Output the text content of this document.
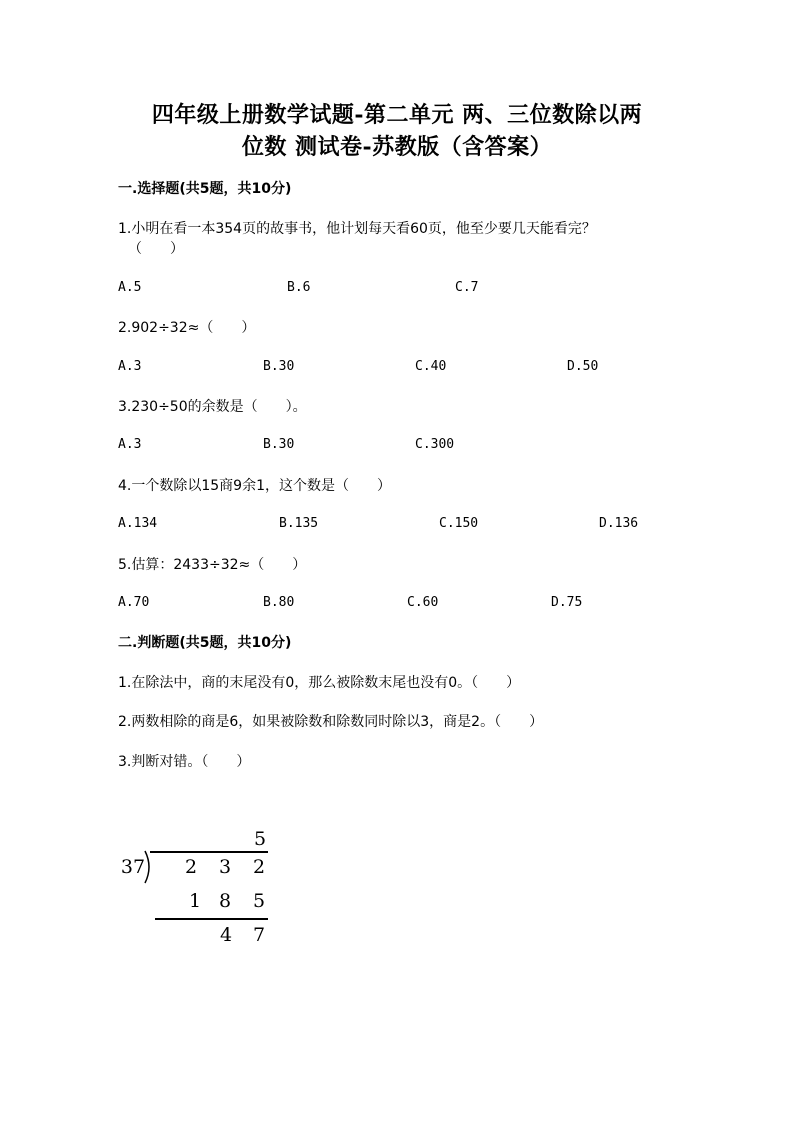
四年级上册数学试题-第二单元 两、三位数除以两
位数 测试卷-苏教版（含答案）
一.选择题(共5题，共10分)
1.小明在看一本354页的故事书，他计划每天看60页，他至少要几天能看完？
（　　）
A.5	B.6	C.7
2.902÷32≈（　　）
A.3	B.30	C.40	D.50
3.230÷50的余数是（　　）。
A.3	B.30	C.300
4.一个数除以15商9余1，这个数是（　　）
A.134	B.135	C.150	D.136
5.估算：2433÷32≈（　　）
A.70	B.80	C.60	D.75
二.判断题(共5题，共10分)
1.在除法中，商的末尾没有0，那么被除数末尾也没有0。（　　）
2.两数相除的商是6，如果被除数和除数同时除以3，商是2。（　　）
3.判断对错。（　　）
5
37 2 3 2
1 8 5
4 7
